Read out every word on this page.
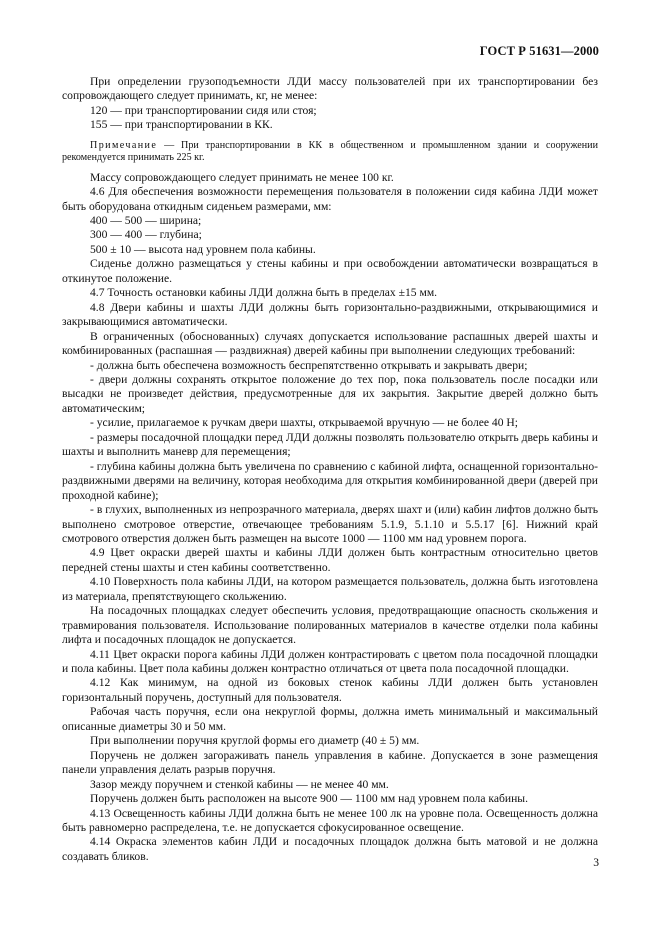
ГОСТ Р 51631—2000

При определении грузоподъемности ЛДИ массу пользователей при их транспортировании без сопровождающего следует принимать, кг, не менее:

120 — при транспортировании сидя или стоя;

155 — при транспортировании в КК.

Примечание — При транспортировании в КК в общественном и промышленном здании и сооружении рекомендуется принимать 225 кг.

Массу сопровождающего следует принимать не менее 100 кг.

4.6 Для обеспечения возможности перемещения пользователя в положении сидя кабина ЛДИ может быть оборудована откидным сиденьем размерами, мм:

400 — 500 — ширина;

300 — 400 — глубина;

500 ± 10 — высота над уровнем пола кабины.

Сиденье должно размещаться у стены кабины и при освобождении автоматически возвращаться в откинутое положение.

4.7 Точность остановки кабины ЛДИ должна быть в пределах ±15 мм.

4.8 Двери кабины и шахты ЛДИ должны быть горизонтально-раздвижными, открывающимися и закрывающимися автоматически.

В ограниченных (обоснованных) случаях допускается использование распашных дверей шахты и комбинированных (распашная — раздвижная) дверей кабины при выполнении следующих требований:

- должна быть обеспечена возможность беспрепятственно открывать и закрывать двери;

- двери должны сохранять открытое положение до тех пор, пока пользователь после посадки или высадки не произведет действия, предусмотренные для их закрытия. Закрытие дверей должно быть автоматическим;

- усилие, прилагаемое к ручкам двери шахты, открываемой вручную — не более 40 Н;

- размеры посадочной площадки перед ЛДИ должны позволять пользователю открыть дверь кабины и шахты и выполнить маневр для перемещения;

- глубина кабины должна быть увеличена по сравнению с кабиной лифта, оснащенной горизонтально-раздвижными дверями на величину, которая необходима для открытия комбинированной двери (дверей при проходной кабине);

- в глухих, выполненных из непрозрачного материала, дверях шахт и (или) кабин лифтов должно быть выполнено смотровое отверстие, отвечающее требованиям 5.1.9, 5.1.10 и 5.5.17 [6]. Нижний край смотрового отверстия должен быть размещен на высоте 1000 — 1100 мм над уровнем порога.

4.9 Цвет окраски дверей шахты и кабины ЛДИ должен быть контрастным относительно цветов передней стены шахты и стен кабины соответственно.

4.10 Поверхность пола кабины ЛДИ, на котором размещается пользователь, должна быть изготовлена из материала, препятствующего скольжению.

На посадочных площадках следует обеспечить условия, предотвращающие опасность скольжения и травмирования пользователя. Использование полированных материалов в качестве отделки пола кабины лифта и посадочных площадок не допускается.

4.11 Цвет окраски порога кабины ЛДИ должен контрастировать с цветом пола посадочной площадки и пола кабины. Цвет пола кабины должен контрастно отличаться от цвета пола посадочной площадки.

4.12 Как минимум, на одной из боковых стенок кабины ЛДИ должен быть установлен горизонтальный поручень, доступный для пользователя.

Рабочая часть поручня, если она некруглой формы, должна иметь минимальный и максимальный описанные диаметры 30 и 50 мм.

При выполнении поручня круглой формы его диаметр (40 ± 5) мм.

Поручень не должен загораживать панель управления в кабине. Допускается в зоне размещения панели управления делать разрыв поручня.

Зазор между поручнем и стенкой кабины — не менее 40 мм.

Поручень должен быть расположен на высоте 900 — 1100 мм над уровнем пола кабины.

4.13 Освещенность кабины ЛДИ должна быть не менее 100 лк на уровне пола. Освещенность должна быть равномерно распределена, т.е. не допускается сфокусированное освещение.

4.14 Окраска элементов кабин ЛДИ и посадочных площадок должна быть матовой и не должна создавать бликов.	3
